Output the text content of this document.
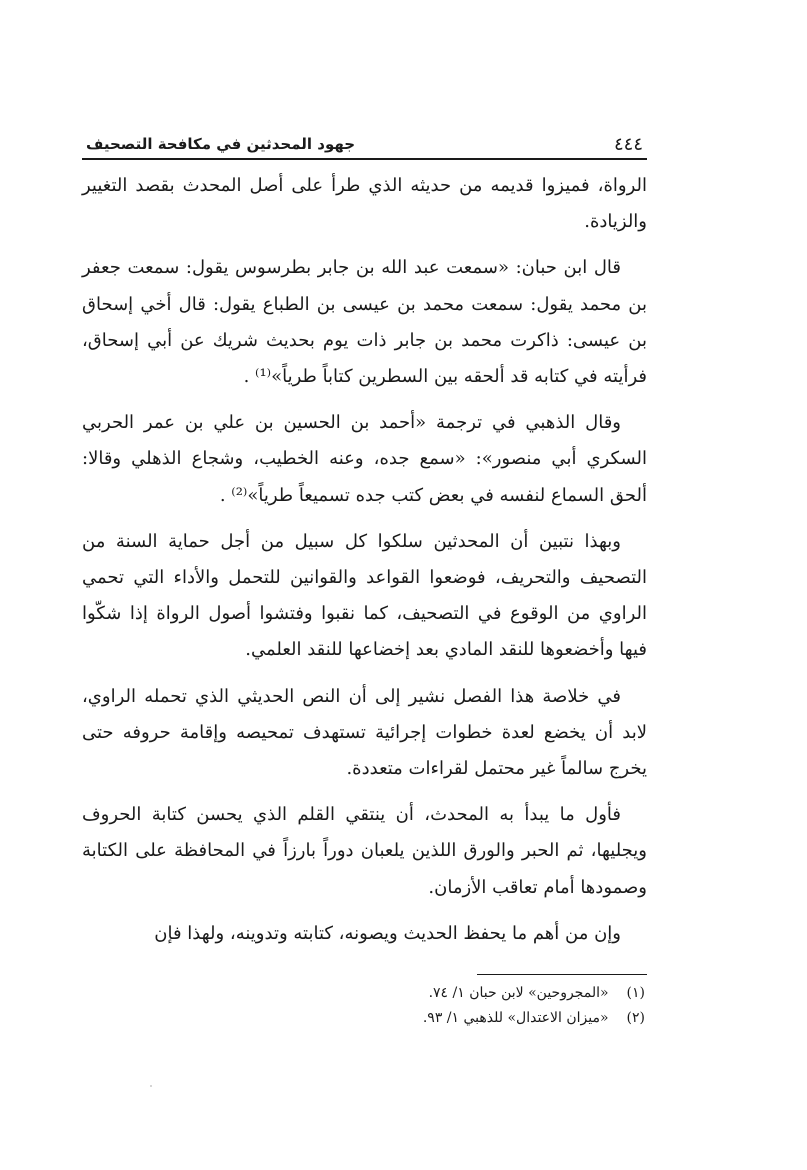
٤٤٤
جهود المحدثين في مكافحة التصحيف

الرواة، فميزوا قديمه من حديثه الذي طرأ على أصل المحدث بقصد التغيير والزيادة.

قال ابن حبان: «سمعت عبد الله بن جابر بطرسوس يقول: سمعت جعفر بن محمد يقول: سمعت محمد بن عيسى بن الطباع يقول: قال أخي إسحاق بن عيسى: ذاكرت محمد بن جابر ذات يوم بحديث شريك عن أبي إسحاق، فرأيته في كتابه قد ألحقه بين السطرين كتاباً طرياً»⁽¹⁾ .

وقال الذهبي في ترجمة «أحمد بن الحسين بن علي بن عمر الحربي السكري أبي منصور»: «سمع جده، وعنه الخطيب، وشجاع الذهلي وقالا: ألحق السماع لنفسه في بعض كتب جده تسميعاً طرياً»⁽²⁾ .

وبهذا نتبين أن المحدثين سلكوا كل سبيل من أجل حماية السنة من التصحيف والتحريف، فوضعوا القواعد والقوانين للتحمل والأداء التي تحمي الراوي من الوقوع في التصحيف، كما نقبوا وفتشوا أصول الرواة إذا شكّوا فيها وأخضعوها للنقد المادي بعد إخضاعها للنقد العلمي.

في خلاصة هذا الفصل نشير إلى أن النص الحديثي الذي تحمله الراوي، لابد أن يخضع لعدة خطوات إجرائية تستهدف تمحيصه وإقامة حروفه حتى يخرج سالماً غير محتمل لقراءات متعددة.

فأول ما يبدأ به المحدث، أن ينتقي القلم الذي يحسن كتابة الحروف ويجليها، ثم الحبر والورق اللذين يلعبان دوراً بارزاً في المحافظة على الكتابة وصمودها أمام تعاقب الأزمان.

وإن من أهم ما يحفظ الحديث ويصونه، كتابته وتدوينه، ولهذا فإن

(١) «المجروحين» لابن حبان ١/ ٧٤.

(٢) «ميزان الاعتدال» للذهبي ١/ ٩٣.
